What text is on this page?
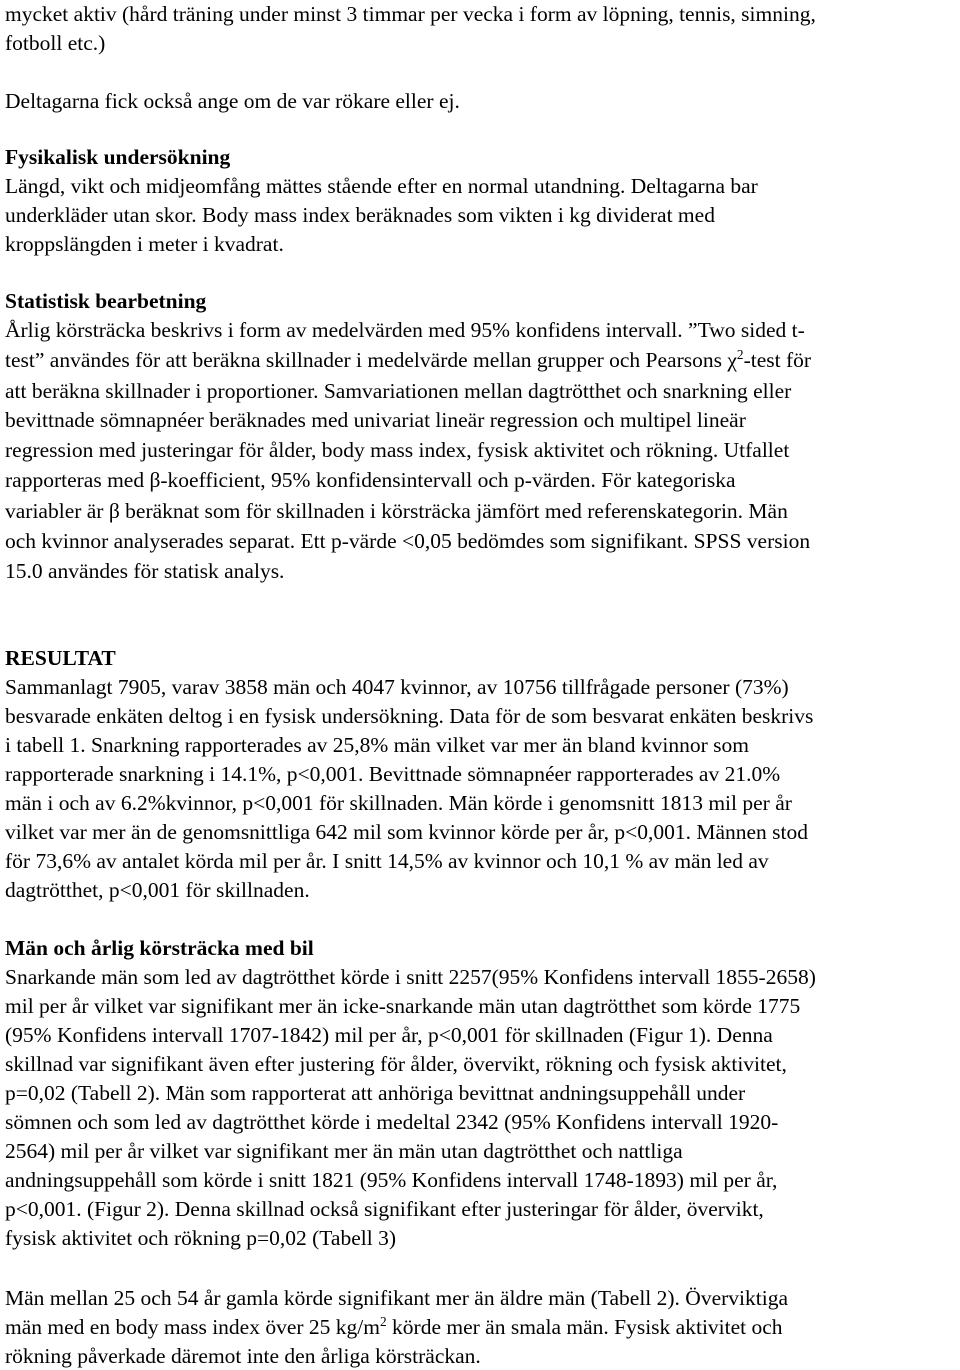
mycket aktiv (hård träning under minst 3 timmar per vecka i form av löpning, tennis, simning,

fotboll etc.)

Deltagarna fick också ange om de var rökare eller ej.

Fysikalisk undersökning

Längd, vikt och midjeomfång mättes stående efter en normal utandning. Deltagarna bar

underkläder utan skor. Body mass index beräknades som vikten i kg dividerat med

kroppslängden i meter i kvadrat.

Statistisk bearbetning

Årlig körsträcka beskrivs i form av medelvärden med 95% konfidens intervall. ”Two sided t-

test” användes för att beräkna skillnader i medelvärde mellan grupper och Pearsons $\chi^2$-test för

att beräkna skillnader i proportioner. Samvariationen mellan dagtrötthet och snarkning eller

bevittnade sömnapnéer beräknades med univariat lineär regression och multipel lineär

regression med justeringar för ålder, body mass index, fysisk aktivitet och rökning. Utfallet

rapporteras med β-koefficient, 95% konfidensintervall och p-värden. För kategoriska

variabler är β beräknat som för skillnaden i körsträcka jämfört med referenskategorin. Män

och kvinnor analyserades separat. Ett p-värde <0,05 bedömdes som signifikant. SPSS version

15.0 användes för statisk analys.

RESULTAT

Sammanlagt 7905, varav 3858 män och 4047 kvinnor, av 10756 tillfrågade personer (73%)

besvarade enkäten deltog i en fysisk undersökning. Data för de som besvarat enkäten beskrivs

i tabell 1. Snarkning rapporterades av 25,8% män vilket var mer än bland kvinnor som

rapporterade snarkning i 14.1%, p<0,001. Bevittnade sömnapnéer rapporterades av 21.0%

män i och av 6.2%kvinnor, p<0,001 för skillnaden. Män körde i genomsnitt 1813 mil per år

vilket var mer än de genomsnittliga 642 mil som kvinnor körde per år, p<0,001. Männen stod

för 73,6% av antalet körda mil per år. I snitt 14,5% av kvinnor och 10,1 % av män led av

dagtrötthet, p<0,001 för skillnaden.

Män och årlig körsträcka med bil

Snarkande män som led av dagtrötthet körde i snitt 2257(95% Konfidens intervall 1855-2658)

mil per år vilket var signifikant mer än icke-snarkande män utan dagtrötthet som körde 1775

(95% Konfidens intervall 1707-1842) mil per år, p<0,001 för skillnaden (Figur 1). Denna

skillnad var signifikant även efter justering för ålder, övervikt, rökning och fysisk aktivitet,

p=0,02 (Tabell 2). Män som rapporterat att anhöriga bevittnat andningsuppehåll under

sömnen och som led av dagtrötthet körde i medeltal 2342 (95% Konfidens intervall 1920-

2564) mil per år vilket var signifikant mer än män utan dagtrötthet och nattliga

andningsuppehåll som körde i snitt 1821 (95% Konfidens intervall 1748-1893) mil per år,

p<0,001. (Figur 2). Denna skillnad också signifikant efter justeringar för ålder, övervikt,

fysisk aktivitet och rökning p=0,02 (Tabell 3)

Män mellan 25 och 54 år gamla körde signifikant mer än äldre män (Tabell 2). Överviktiga

män med en body mass index över 25 $kg/m^2$ körde mer än smala män. Fysisk aktivitet och

rökning påverkade däremot inte den årliga körsträckan.
